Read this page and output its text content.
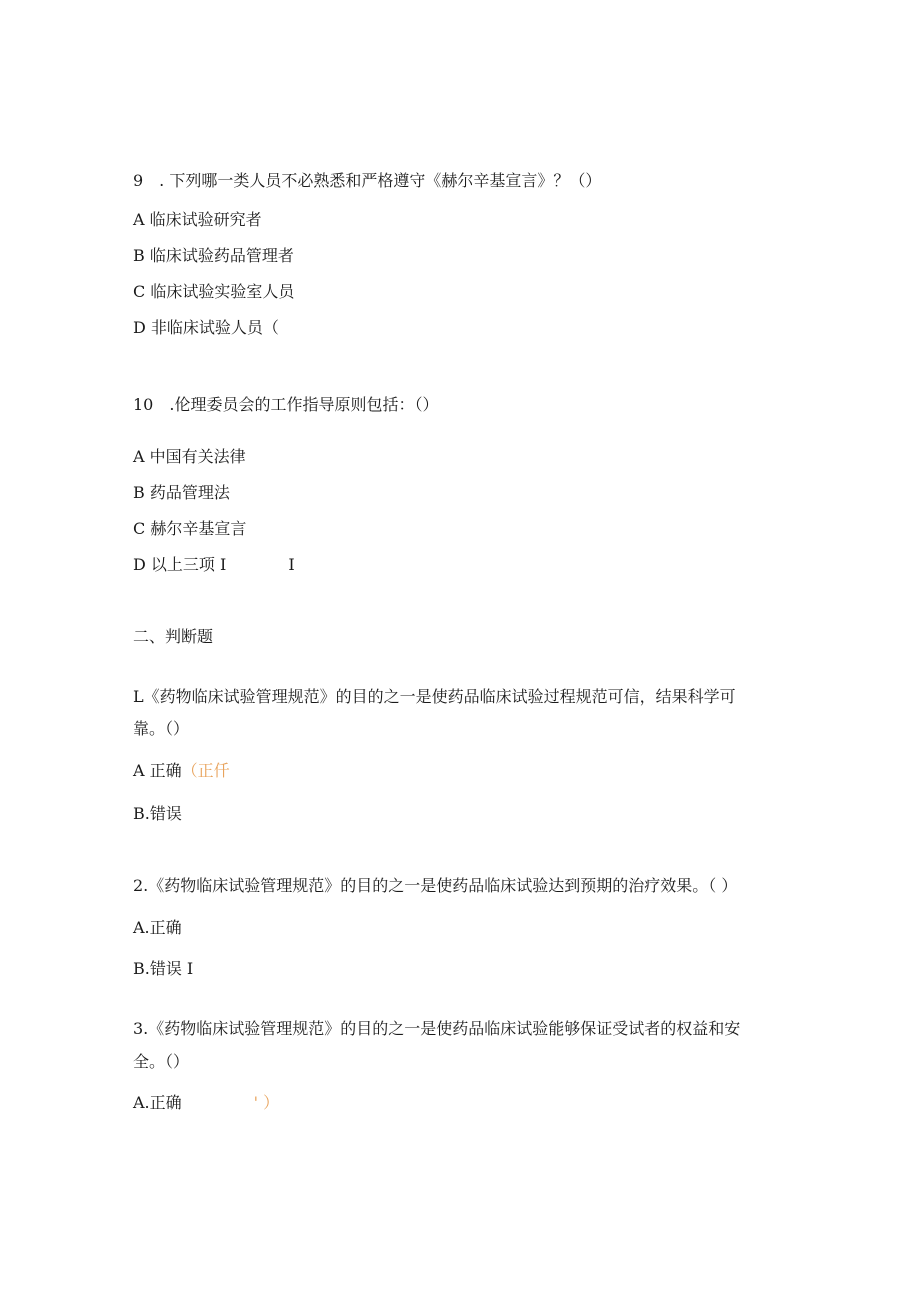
9　. 下列哪一类人员不必熟悉和严格遵守《赫尔辛基宣言》？（）
A 临床试验研究者
B 临床试验药品管理者
C 临床试验实验室人员
D 非临床试验人员（
10　.伦理委员会的工作指导原则包括：（）
A 中国有关法律
B 药品管理法
C 赫尔辛基宣言
D 以上三项 I	I
二、判断题
L《药物临床试验管理规范》的目的之一是使药品临床试验过程规范可信，结果科学可
靠。（）
A 正确（正仟
B.错误
2.《药物临床试验管理规范》的目的之一是使药品临床试验达到预期的治疗效果。（ ）
A.正确
B.错误 I
3.《药物临床试验管理规范》的目的之一是使药品临床试验能够保证受试者的权益和安
全。（）
A.正确	' ）
